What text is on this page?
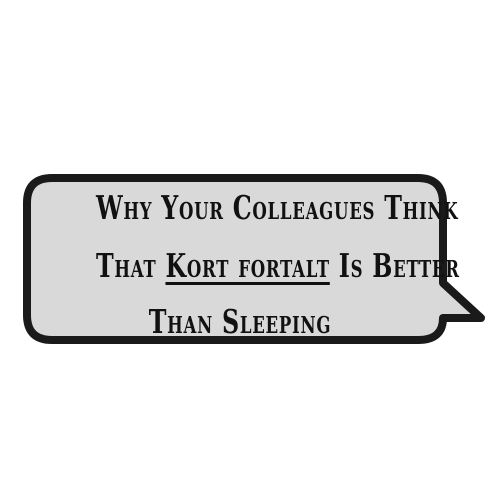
Why Your Colleagues Think
That Kort fortalt Is Better
Than Sleeping
